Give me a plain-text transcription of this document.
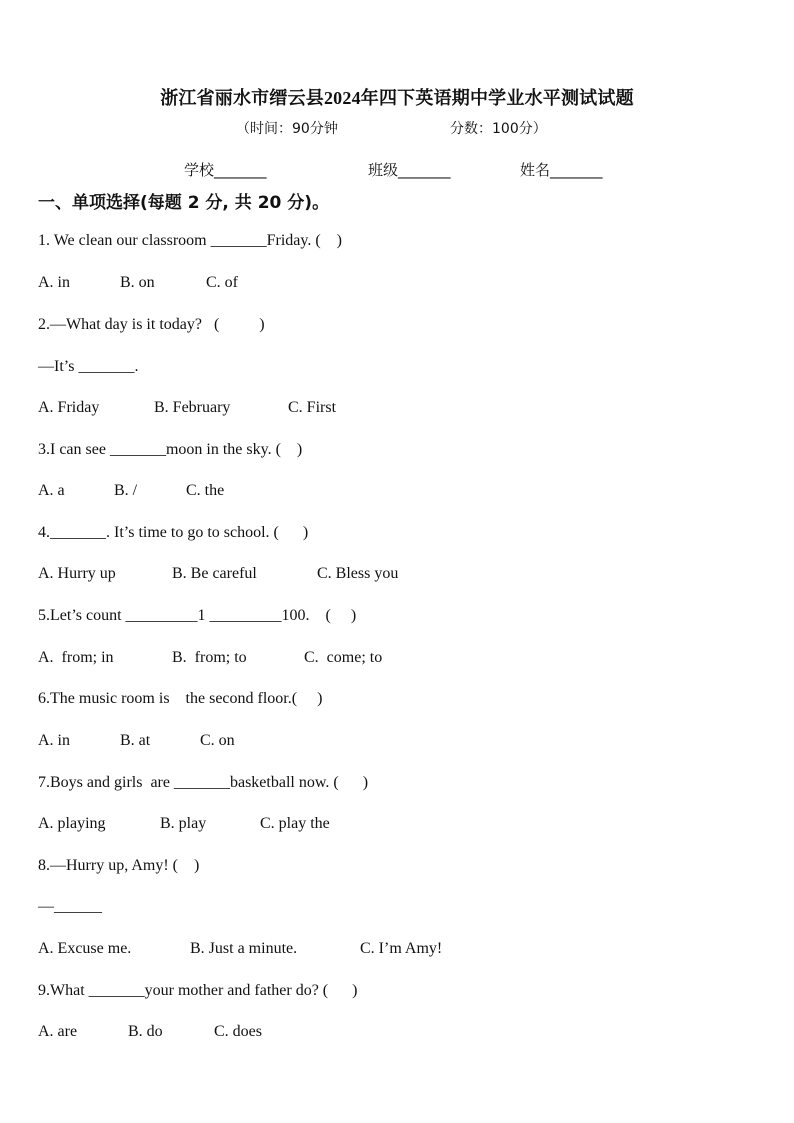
浙江省丽水市缙云县2024年四下英语期中学业水平测试试题
（时间：90分钟	分数：100分）
学校_______	班级_______	姓名_______
一、单项选择(每题 2 分, 共 20 分)。
1. We clean our classroom _______Friday. (    )
A. in	B. on	C. of
2.—What day is it today?   (          )
—It’s _______.
A. Friday	B. February	C. First
3.I can see _______moon in the sky. (    )
A. a	B. /	C. the
4._______. It’s time to go to school. (      )
A. Hurry up	B. Be careful	C. Bless you
5.Let’s count _________1 _________100.    (     )
A.  from; in	B.  from; to	C.  come; to
6.The music room is    the second floor.(     )
A. in	B. at	C. on
7.Boys and girls  are _______basketball now. (      )
A. playing	B. play	C. play the
8.—Hurry up, Amy! (    )
—______
A. Excuse me.	B. Just a minute.	C. I’m Amy!
9.What _______your mother and father do? (      )
A. are	B. do	C. does
